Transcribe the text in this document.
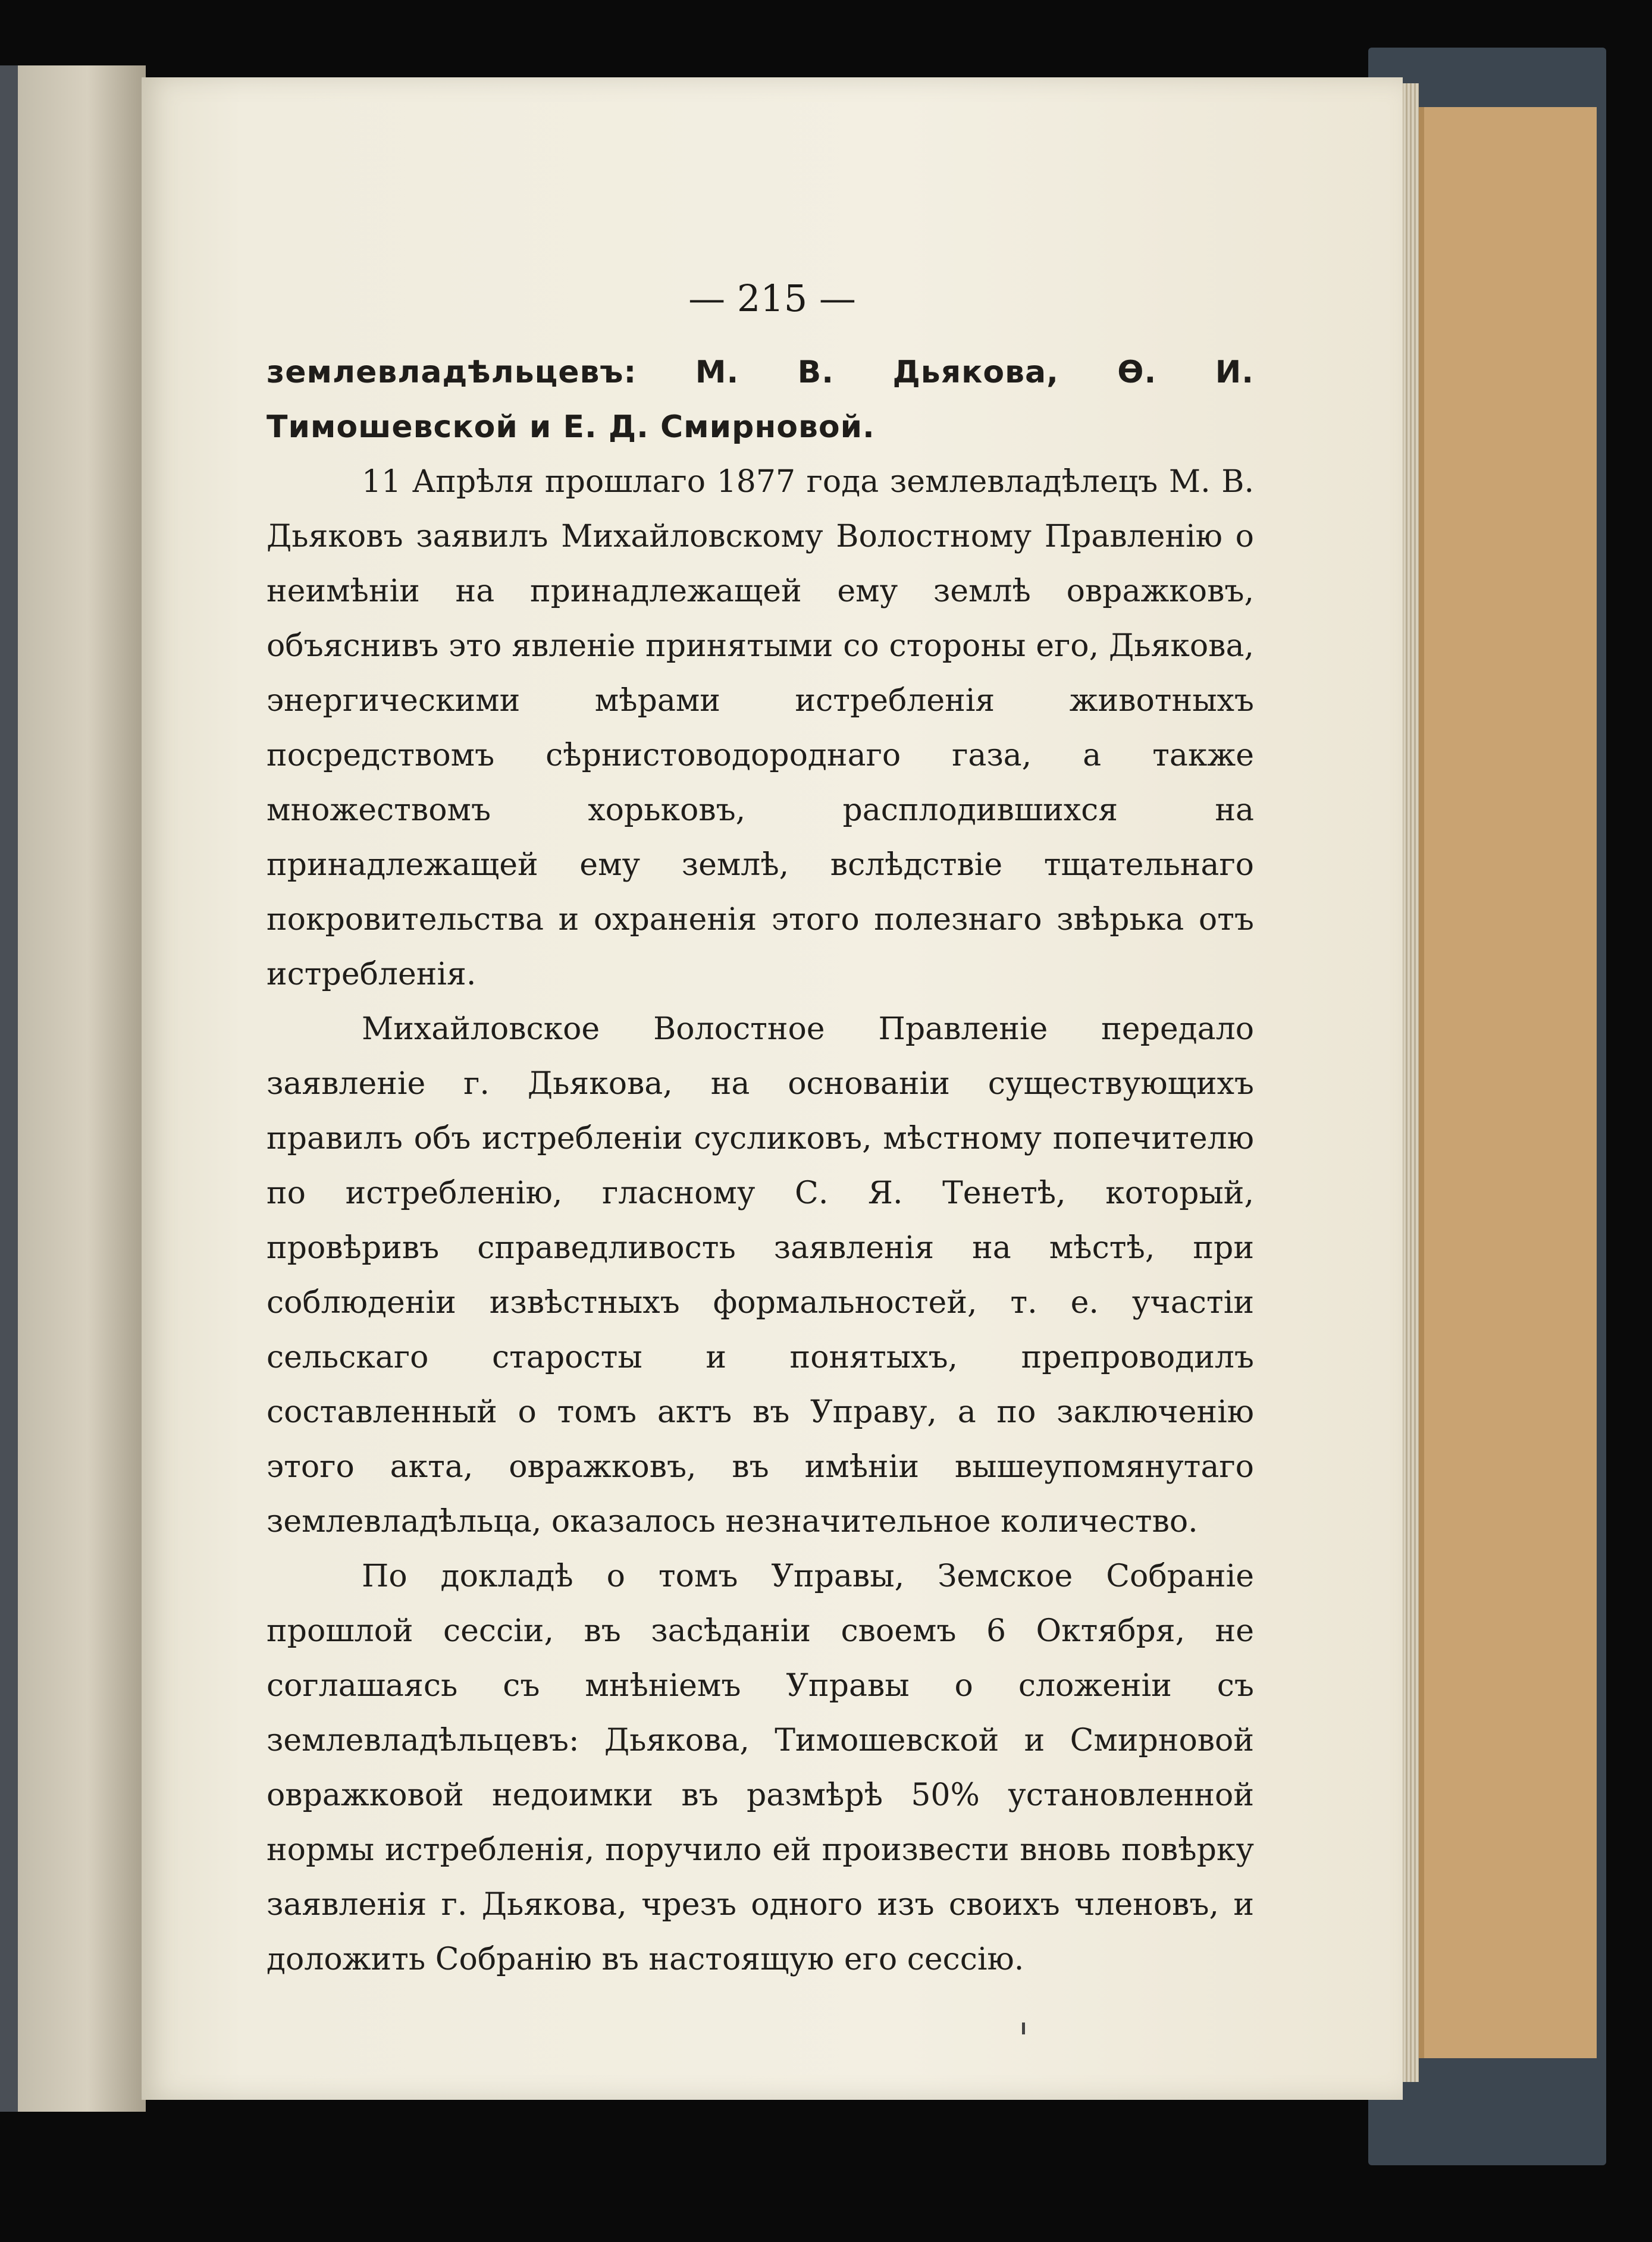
— 215 —

землевладѣльцевъ: М. В. Дьякова, Ѳ. И. Тимошевской и Е. Д. Смирновой.

11 Апрѣля прошлаго 1877 года землевладѣлецъ М. В. Дьяковъ заявилъ Михайловскому Волостному Правленію о неимѣніи на принадлежащей ему землѣ овражковъ, объяснивъ это явленіе принятыми со стороны его, Дьякова, энергическими мѣрами истребленія животныхъ посредствомъ сѣрнистоводороднаго газа, а также множествомъ хорьковъ, расплодившихся на принадлежащей ему землѣ, вслѣдствіе тщательнаго покровительства и охраненія этого полезнаго звѣрька отъ истребленія.

Михайловское Волостное Правленіе передало заявленіе г. Дьякова, на основаніи существующихъ правилъ объ истребленіи сусликовъ, мѣстному попечителю по истребленію, гласному С. Я. Тенетѣ, который, провѣривъ справедливость заявленія на мѣстѣ, при соблюденіи извѣстныхъ формальностей, т. е. участіи сельскаго старосты и понятыхъ, препроводилъ составленный о томъ актъ въ Управу, а по заключенію этого акта, овражковъ, въ имѣніи вышеупомянутаго землевладѣльца, оказалось незначительное количество.

По докладѣ о томъ Управы, Земское Собраніе прошлой сессіи, въ засѣданіи своемъ 6 Октября, не соглашаясь съ мнѣніемъ Управы о сложеніи съ землевладѣльцевъ: Дьякова, Тимошевской и Смирновой овражковой недоимки въ размѣрѣ 50% установленной нормы истребленія, поручило ей произвести вновь повѣрку заявленія г. Дьякова, чрезъ одного изъ своихъ членовъ, и доложить Собранію въ настоящую его сессію.
